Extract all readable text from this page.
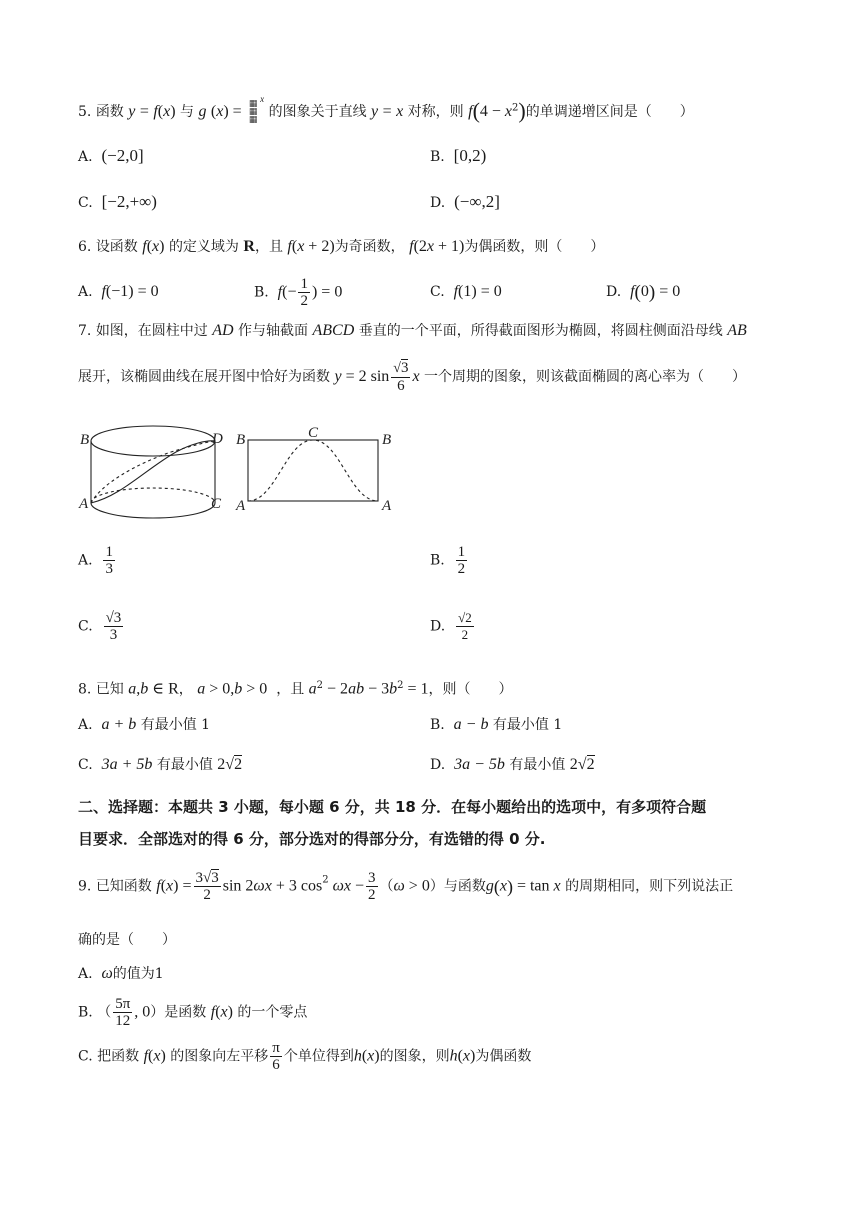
5. 函数 y = f(x) 与 g (x) = ▦
▦
▦$^x$ 的图象关于直线 y = x 对称，则 $f(4 - x^2)$的单调递增区间是（　　）
A. (−2,0]	B. [0,2)
C. [−2,+∞)	D. (−∞,2]
6. 设函数 f(x) 的定义域为 R，且 f(x + 2)为奇函数， f(2x + 1)为偶函数，则（　　）
A. f(−1) = 0	B. $f(- \frac{1}{2}$ ) = 0	C. f(1) = 0	D. f(0) = 0
7. 如图，在圆柱中过 AD 作与轴截面 ABCD 垂直的一个平面，所得截面图形为椭圆，将圆柱侧面沿母线 AB
展开，该椭圆曲线在展开图中恰好为函数 y = 2 $\sin \frac{√3}{6}$ x 一个周期的图象，则该截面椭圆的离心率为（　　）
B	D
A	C
B	C	B
A	A
A. $\frac{1}{3}$	B. $\frac{1}{2}$
C. $\frac{√3}{3}$	D. $\frac{√2}{2}$
8. 已知 a,b ∈ R， a > 0,b > 0 ，且 $a^2 - 2ab - 3b^2 = 1$，则（　　）
A. a + b 有最小值 1	B. a − b 有最小值 1
C. 3a + 5b 有最小值 2√2	D. 3a − 5b 有最小值 2√2
二、选择题：本题共 3 小题，每小题 6 分，共 18 分．在每小题给出的选项中，有多项符合题
目要求．全部选对的得 6 分，部分选对的得部分分，有选错的得 0 分.
9. 已知函数 $f(x) = \frac{3√3}{2}$ sin 2ωx + 3 $\cos^2 \omega x - \frac{3}{2} (\omega > 0)$与函数g(x) = tan x 的周期相同，则下列说法正
确的是（　　）
A. ω的值为1
B. （ $\frac{5\pi}{12}$ , 0）是函数 f(x) 的一个零点
C. 把函数 f(x) 的图象向左平移 $\frac{\pi}{6}$ 个单位得到h(x)的图象，则h(x)为偶函数
